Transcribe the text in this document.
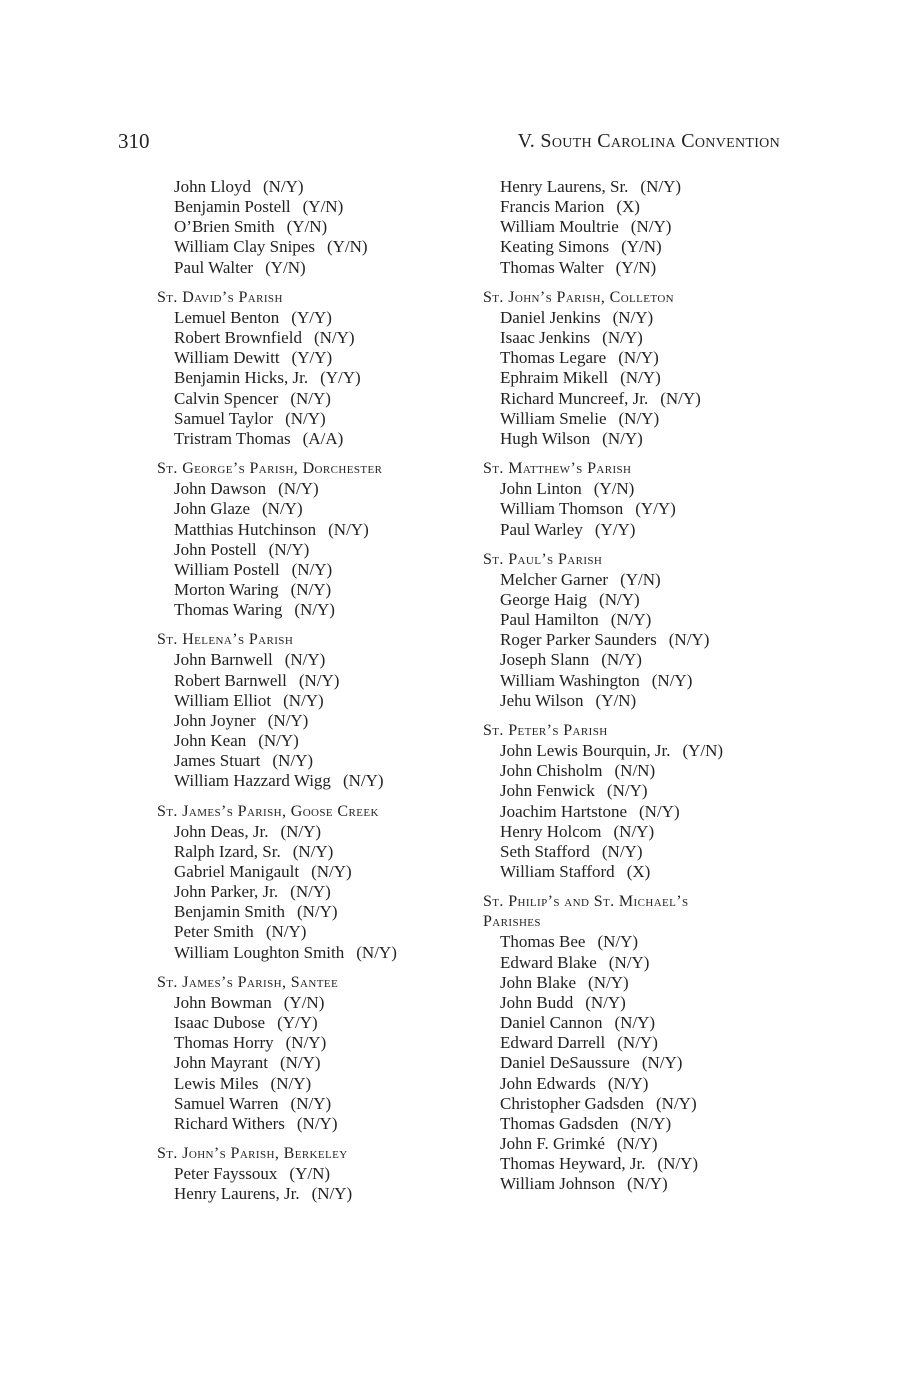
310	V. South Carolina Convention
John Lloyd (N/Y)
Benjamin Postell (Y/N)
O’Brien Smith (Y/N)
William Clay Snipes (Y/N)
Paul Walter (Y/N)
St. David’s Parish
Lemuel Benton (Y/Y)
Robert Brownfield (N/Y)
William Dewitt (Y/Y)
Benjamin Hicks, Jr. (Y/Y)
Calvin Spencer (N/Y)
Samuel Taylor (N/Y)
Tristram Thomas (A/A)
St. George’s Parish, Dorchester
John Dawson (N/Y)
John Glaze (N/Y)
Matthias Hutchinson (N/Y)
John Postell (N/Y)
William Postell (N/Y)
Morton Waring (N/Y)
Thomas Waring (N/Y)
St. Helena’s Parish
John Barnwell (N/Y)
Robert Barnwell (N/Y)
William Elliot (N/Y)
John Joyner (N/Y)
John Kean (N/Y)
James Stuart (N/Y)
William Hazzard Wigg (N/Y)
St. James’s Parish, Goose Creek
John Deas, Jr. (N/Y)
Ralph Izard, Sr. (N/Y)
Gabriel Manigault (N/Y)
John Parker, Jr. (N/Y)
Benjamin Smith (N/Y)
Peter Smith (N/Y)
William Loughton Smith (N/Y)
St. James’s Parish, Santee
John Bowman (Y/N)
Isaac Dubose (Y/Y)
Thomas Horry (N/Y)
John Mayrant (N/Y)
Lewis Miles (N/Y)
Samuel Warren (N/Y)
Richard Withers (N/Y)
St. John’s Parish, Berkeley
Peter Fayssoux (Y/N)
Henry Laurens, Jr. (N/Y)
Henry Laurens, Sr. (N/Y)
Francis Marion (X)
William Moultrie (N/Y)
Keating Simons (Y/N)
Thomas Walter (Y/N)
St. John’s Parish, Colleton
Daniel Jenkins (N/Y)
Isaac Jenkins (N/Y)
Thomas Legare (N/Y)
Ephraim Mikell (N/Y)
Richard Muncreef, Jr. (N/Y)
William Smelie (N/Y)
Hugh Wilson (N/Y)
St. Matthew’s Parish
John Linton (Y/N)
William Thomson (Y/Y)
Paul Warley (Y/Y)
St. Paul’s Parish
Melcher Garner (Y/N)
George Haig (N/Y)
Paul Hamilton (N/Y)
Roger Parker Saunders (N/Y)
Joseph Slann (N/Y)
William Washington (N/Y)
Jehu Wilson (Y/N)
St. Peter’s Parish
John Lewis Bourquin, Jr. (Y/N)
John Chisholm (N/N)
John Fenwick (N/Y)
Joachim Hartstone (N/Y)
Henry Holcom (N/Y)
Seth Stafford (N/Y)
William Stafford (X)
St. Philip’s and St. Michael’s
Parishes
Thomas Bee (N/Y)
Edward Blake (N/Y)
John Blake (N/Y)
John Budd (N/Y)
Daniel Cannon (N/Y)
Edward Darrell (N/Y)
Daniel DeSaussure (N/Y)
John Edwards (N/Y)
Christopher Gadsden (N/Y)
Thomas Gadsden (N/Y)
John F. Grimké (N/Y)
Thomas Heyward, Jr. (N/Y)
William Johnson (N/Y)
